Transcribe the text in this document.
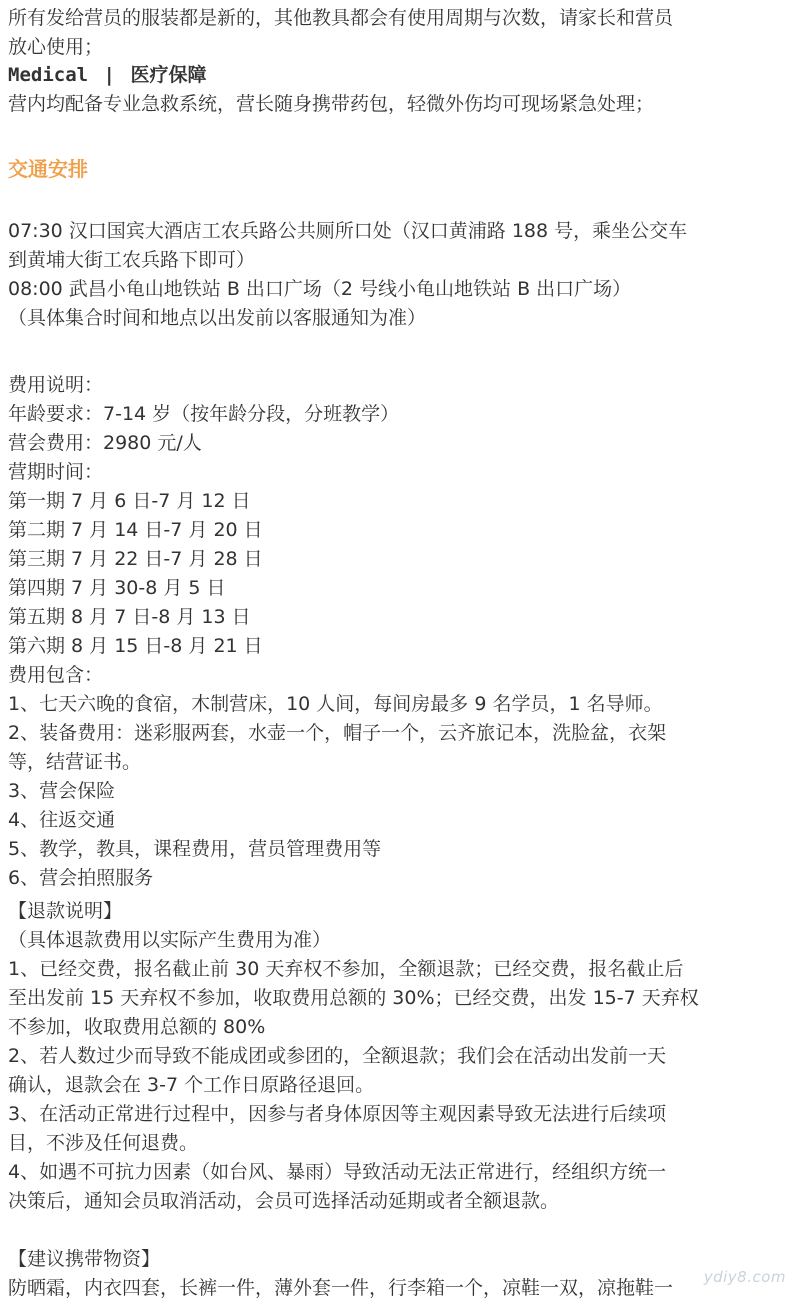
所有发给营员的服装都是新的，其他教具都会有使用周期与次数，请家长和营员
放心使用；
Medical | 医疗保障
营内均配备专业急救系统，营长随身携带药包，轻微外伤均可现场紧急处理；
交通安排
07:30 汉口国宾大酒店工农兵路公共厕所口处（汉口黄浦路 188 号，乘坐公交车
到黄埔大街工农兵路下即可）
08:00 武昌小龟山地铁站 B 出口广场（2 号线小龟山地铁站 B 出口广场）
（具体集合时间和地点以出发前以客服通知为准）
费用说明：
年龄要求：7-14 岁（按年龄分段，分班教学）
营会费用：2980 元/人
营期时间：
第一期 7 月 6 日-7 月 12 日
第二期 7 月 14 日-7 月 20 日
第三期 7 月 22 日-7 月 28 日
第四期 7 月 30-8 月 5 日
第五期 8 月 7 日-8 月 13 日
第六期 8 月 15 日-8 月 21 日
费用包含：
1、七天六晚的食宿，木制营床，10 人间，每间房最多 9 名学员，1 名导师。
2、装备费用：迷彩服两套，水壶一个，帽子一个，云齐旅记本，洗脸盆，衣架
等，结营证书。
3、营会保险
4、往返交通
5、教学，教具，课程费用，营员管理费用等
6、营会拍照服务
【退款说明】
（具体退款费用以实际产生费用为准）
1、已经交费，报名截止前 30 天弃权不参加，全额退款；已经交费，报名截止后
至出发前 15 天弃权不参加，收取费用总额的 30%；已经交费，出发 15-7 天弃权
不参加，收取费用总额的 80%
2、若人数过少而导致不能成团或参团的，全额退款；我们会在活动出发前一天
确认，退款会在 3-7 个工作日原路径退回。
3、在活动正常进行过程中，因参与者身体原因等主观因素导致无法进行后续项
目，不涉及任何退费。
4、如遇不可抗力因素（如台风、暴雨）导致活动无法正常进行，经组织方统一
决策后，通知会员取消活动，会员可选择活动延期或者全额退款。
【建议携带物资】
防晒霜，内衣四套，长裤一件，薄外套一件，行李箱一个，凉鞋一双，凉拖鞋一 ydiy8.com
